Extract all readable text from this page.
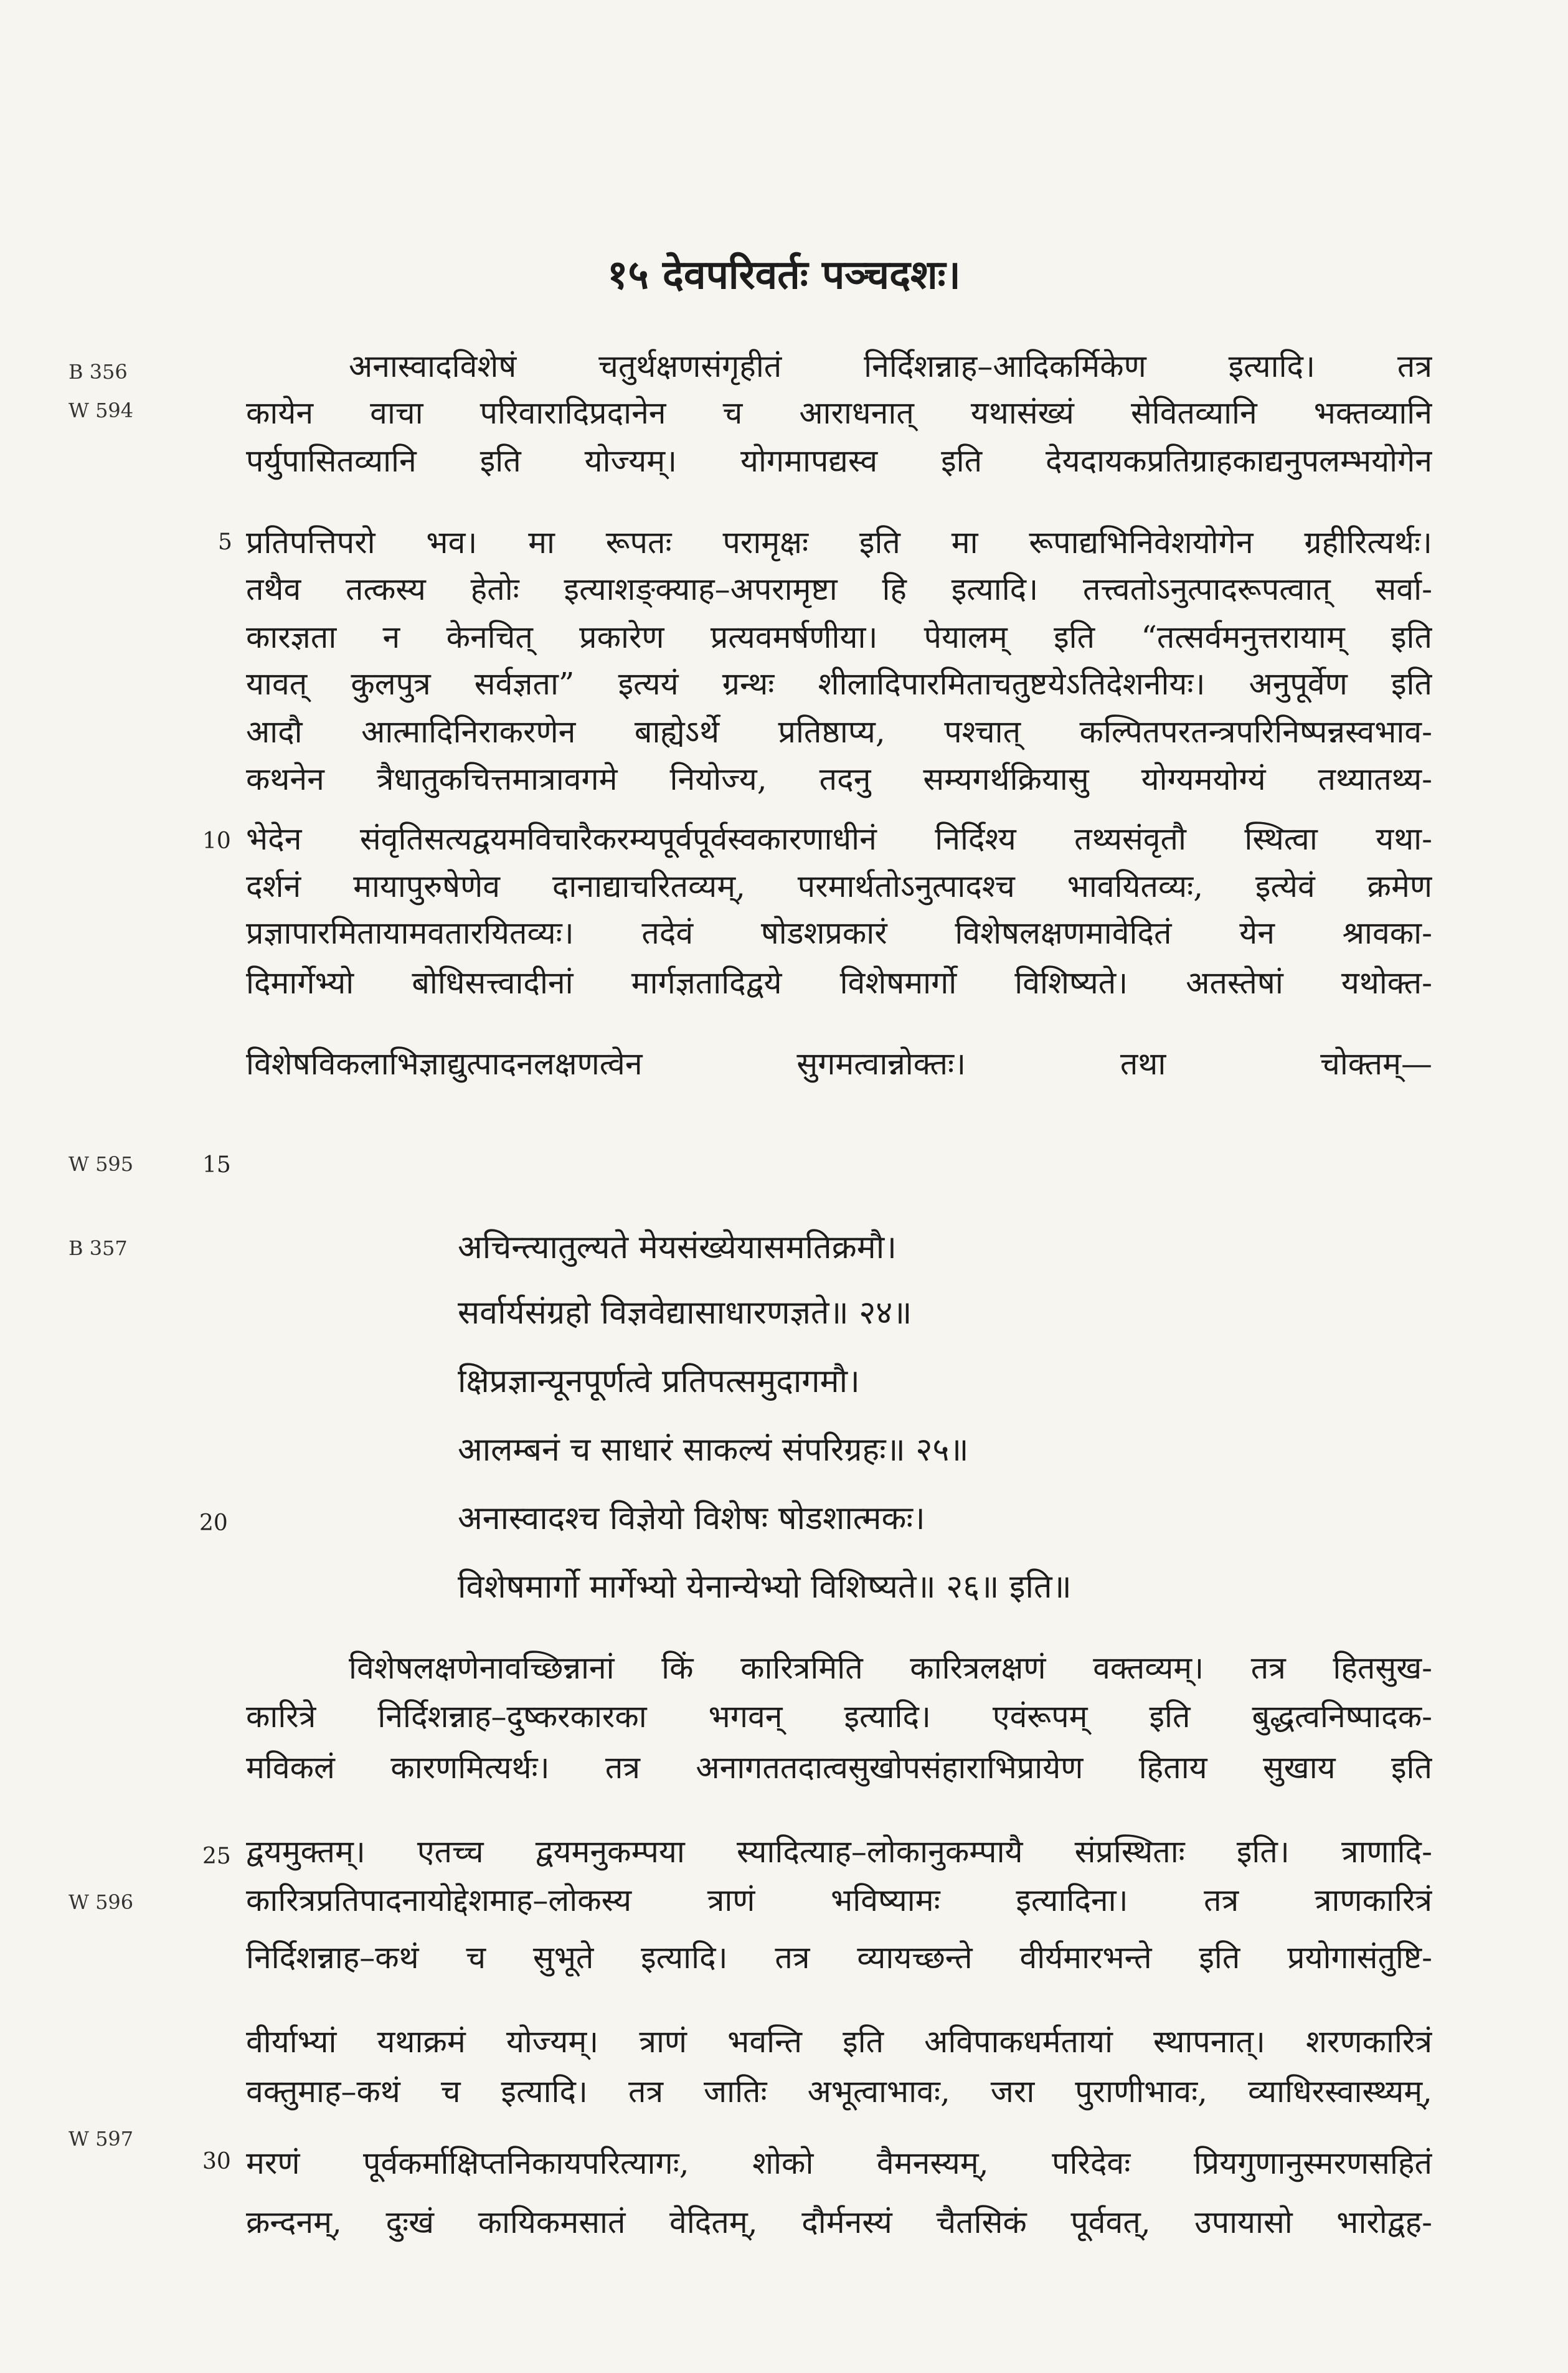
१५ देवपरिवर्तः पञ्चदशः।
B 356
W 594
W 595
B 357
W 596
W 597
5
10
15
20
25
30
अनास्वादविशेषं चतुर्थक्षणसंगृहीतं निर्दिशन्नाह–आदिकर्मिकेण इत्यादि। तत्र
कायेन वाचा परिवारादिप्रदानेन च आराधनात् यथासंख्यं सेवितव्यानि भक्तव्यानि
पर्युपासितव्यानि इति योज्यम्। योगमापद्यस्व इति देयदायकप्रतिग्राहकाद्यनुपलम्भयोगेन
प्रतिपत्तिपरो भव। मा रूपतः परामृक्षः इति मा रूपाद्यभिनिवेशयोगेन ग्रहीरित्यर्थः।
तथैव तत्कस्य हेतोः इत्याशङ्क्याह–अपरामृष्टा हि इत्यादि। तत्त्वतोऽनुत्पादरूपत्वात् सर्वा-
कारज्ञता न केनचित् प्रकारेण प्रत्यवमर्षणीया। पेयालम् इति “तत्सर्वमनुत्तरायाम् इति
यावत् कुलपुत्र सर्वज्ञता” इत्ययं ग्रन्थः शीलादिपारमिताचतुष्टयेऽतिदेशनीयः। अनुपूर्वेण इति
आदौ आत्मादिनिराकरणेन बाह्येऽर्थे प्रतिष्ठाप्य, पश्चात् कल्पितपरतन्त्रपरिनिष्पन्नस्वभाव-
कथनेन त्रैधातुकचित्तमात्रावगमे नियोज्य, तदनु सम्यगर्थक्रियासु योग्यमयोग्यं तथ्यातथ्य-
भेदेन संवृतिसत्यद्वयमविचारैकरम्यपूर्वपूर्वस्वकारणाधीनं निर्दिश्य तथ्यसंवृतौ स्थित्वा यथा-
दर्शनं मायापुरुषेणेव दानाद्याचरितव्यम्, परमार्थतोऽनुत्पादश्च भावयितव्यः, इत्येवं क्रमेण
प्रज्ञापारमितायामवतारयितव्यः। तदेवं षोडशप्रकारं विशेषलक्षणमावेदितं येन श्रावका-
दिमार्गेभ्यो बोधिसत्त्वादीनां मार्गज्ञतादिद्वये विशेषमार्गो विशिष्यते। अतस्तेषां यथोक्त-
विशेषविकलाभिज्ञाद्युत्पादनलक्षणत्वेन सुगमत्वान्नोक्तः। तथा चोक्तम्—
अचिन्त्यातुल्यते मेयसंख्येयासमतिक्रमौ।
सर्वार्यसंग्रहो विज्ञवेद्यासाधारणज्ञते॥ २४॥
क्षिप्रज्ञान्यूनपूर्णत्वे प्रतिपत्समुदागमौ।
आलम्बनं च साधारं साकल्यं संपरिग्रहः॥ २५॥
अनास्वादश्च विज्ञेयो विशेषः षोडशात्मकः।
विशेषमार्गो मार्गेभ्यो येनान्येभ्यो विशिष्यते॥ २६॥ इति॥
विशेषलक्षणेनावच्छिन्नानां किं कारित्रमिति कारित्रलक्षणं वक्तव्यम्। तत्र हितसुख-
कारित्रे निर्दिशन्नाह–दुष्करकारका भगवन् इत्यादि। एवंरूपम् इति बुद्धत्वनिष्पादक-
मविकलं कारणमित्यर्थः। तत्र अनागततदात्वसुखोपसंहाराभिप्रायेण हिताय सुखाय इति
द्वयमुक्तम्। एतच्च द्वयमनुकम्पया स्यादित्याह–लोकानुकम्पायै संप्रस्थिताः इति। त्राणादि-
कारित्रप्रतिपादनायोद्देशमाह–लोकस्य त्राणं भविष्यामः इत्यादिना। तत्र त्राणकारित्रं
निर्दिशन्नाह–कथं च सुभूते इत्यादि। तत्र व्यायच्छन्ते वीर्यमारभन्ते इति प्रयोगासंतुष्टि-
वीर्याभ्यां यथाक्रमं योज्यम्। त्राणं भवन्ति इति अविपाकधर्मतायां स्थापनात्। शरणकारित्रं
वक्तुमाह–कथं च इत्यादि। तत्र जातिः अभूत्वाभावः, जरा पुराणीभावः, व्याधिरस्वास्थ्यम्,
मरणं पूर्वकर्माक्षिप्तनिकायपरित्यागः, शोको वैमनस्यम्, परिदेवः प्रियगुणानुस्मरणसहितं
क्रन्दनम्, दुःखं कायिकमसातं वेदितम्, दौर्मनस्यं चैतसिकं पूर्ववत्, उपायासो भारोद्वह-
